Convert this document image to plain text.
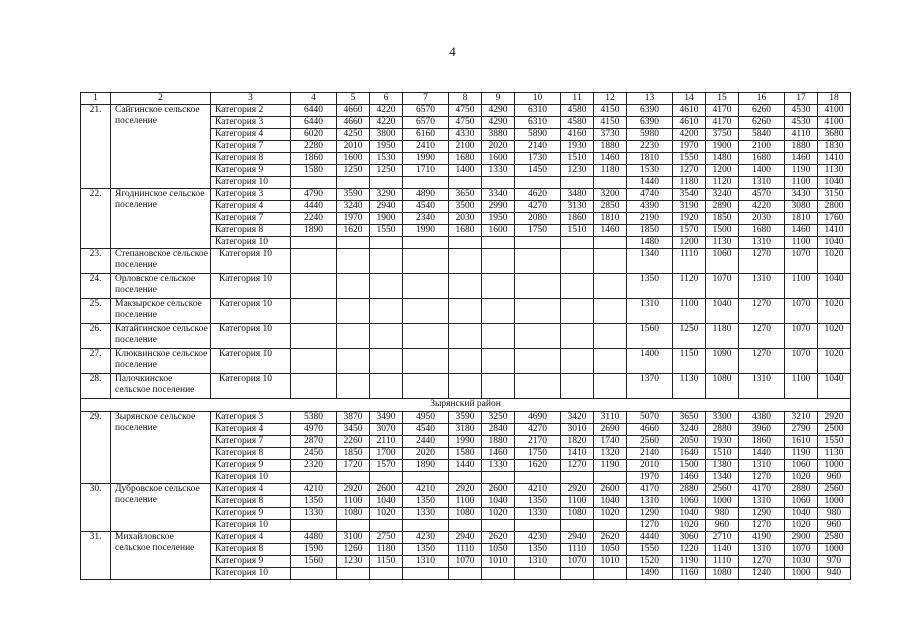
4
1	2	3	4	5	6	7	8	9	10	11	12	13	14	15	16	17	18
21.	Сайгинское сельское поселение	Категория 2	6440	4660	4220	6570	4750	4290	6310	4580	4150	6390	4610	4170	6260	4530	4100
		Категория 3	6440	4660	4220	6570	4750	4290	6310	4580	4150	6390	4610	4170	6260	4530	4100
		Категория 4	6020	4250	3800	6160	4330	3880	5890	4160	3730	5980	4200	3750	5840	4110	3680
		Категория 7	2280	2010	1950	2410	2100	2020	2140	1930	1880	2230	1970	1900	2100	1880	1830
		Категория 8	1860	1600	1530	1990	1680	1600	1730	1510	1460	1810	1550	1480	1680	1460	1410
		Категория 9	1580	1250	1250	1710	1400	1330	1450	1230	1180	1530	1270	1200	1400	1190	1130
		Категория 10										1440	1180	1120	1310	1100	1040
22.	Ягоднинское сельское поселение	Категория 3	4790	3590	3290	4890	3650	3340	4620	3480	3200	4740	3540	3240	4570	3430	3150
		Категория 4	4440	3240	2940	4540	3500	2990	4270	3130	2850	4390	3190	2890	4220	3080	2800
		Категория 7	2240	1970	1900	2340	2030	1950	2080	1860	1810	2190	1920	1850	2030	1810	1760
		Категория 8	1890	1620	1550	1990	1680	1600	1750	1510	1460	1850	1570	1500	1680	1460	1410
		Категория 10										1480	1200	1130	1310	1100	1040
23.	Степановское сельское поселение	Категория 10										1340	1110	1060	1270	1070	1020
24.	Орловское сельское поселение	Категория 10										1350	1120	1070	1310	1100	1040
25.	Макзырское сельское поселение	Категория 10										1310	1100	1040	1270	1070	1020
26.	Катайгинское сельское поселение	Категория 10										1560	1250	1180	1270	1070	1020
27.	Клюквинское сельское поселение	Категория 10										1400	1150	1090	1270	1070	1020
28.	Палочкинское сельское поселение	Категория 10										1370	1130	1080	1310	1100	1040
Зырянский район																	
29.	Зырянское сельское поселение	Категория 3	5380	3870	3490	4950	3590	3250	4690	3420	3110	5070	3650	3300	4380	3210	2920
		Категория 4	4970	3450	3070	4540	3180	2840	4270	3010	2690	4660	3240	2880	3960	2790	2500
		Категория 7	2870	2260	2110	2440	1990	1880	2170	1820	1740	2560	2050	1930	1860	1610	1550
		Категория 8	2450	1850	1700	2020	1580	1460	1750	1410	1320	2140	1640	1510	1440	1190	1130
		Категория 9	2320	1720	1570	1890	1440	1330	1620	1270	1190	2010	1500	1380	1310	1060	1000
		Категория 10										1970	1460	1340	1270	1020	960
30.	Дубровское сельское поселение	Категория 4	4210	2920	2600	4210	2920	2600	4210	2920	2600	4170	2880	2560	4170	2880	2560
		Категория 8	1350	1100	1040	1350	1100	1040	1350	1100	1040	1310	1060	1000	1310	1060	1000
		Категория 9	1330	1080	1020	1330	1080	1020	1330	1080	1020	1290	1040	980	1290	1040	980
		Категория 10										1270	1020	960	1270	1020	960
31.	Михайловское сельское поселение	Категория 4	4480	3100	2750	4230	2940	2620	4230	2940	2620	4440	3060	2710	4190	2900	2580
		Категория 8	1590	1260	1180	1350	1110	1050	1350	1110	1050	1550	1220	1140	1310	1070	1000
		Категория 9	1560	1230	1150	1310	1070	1010	1310	1070	1010	1520	1190	1110	1270	1030	970
		Категория 10										1490	1160	1080	1240	1000	940
